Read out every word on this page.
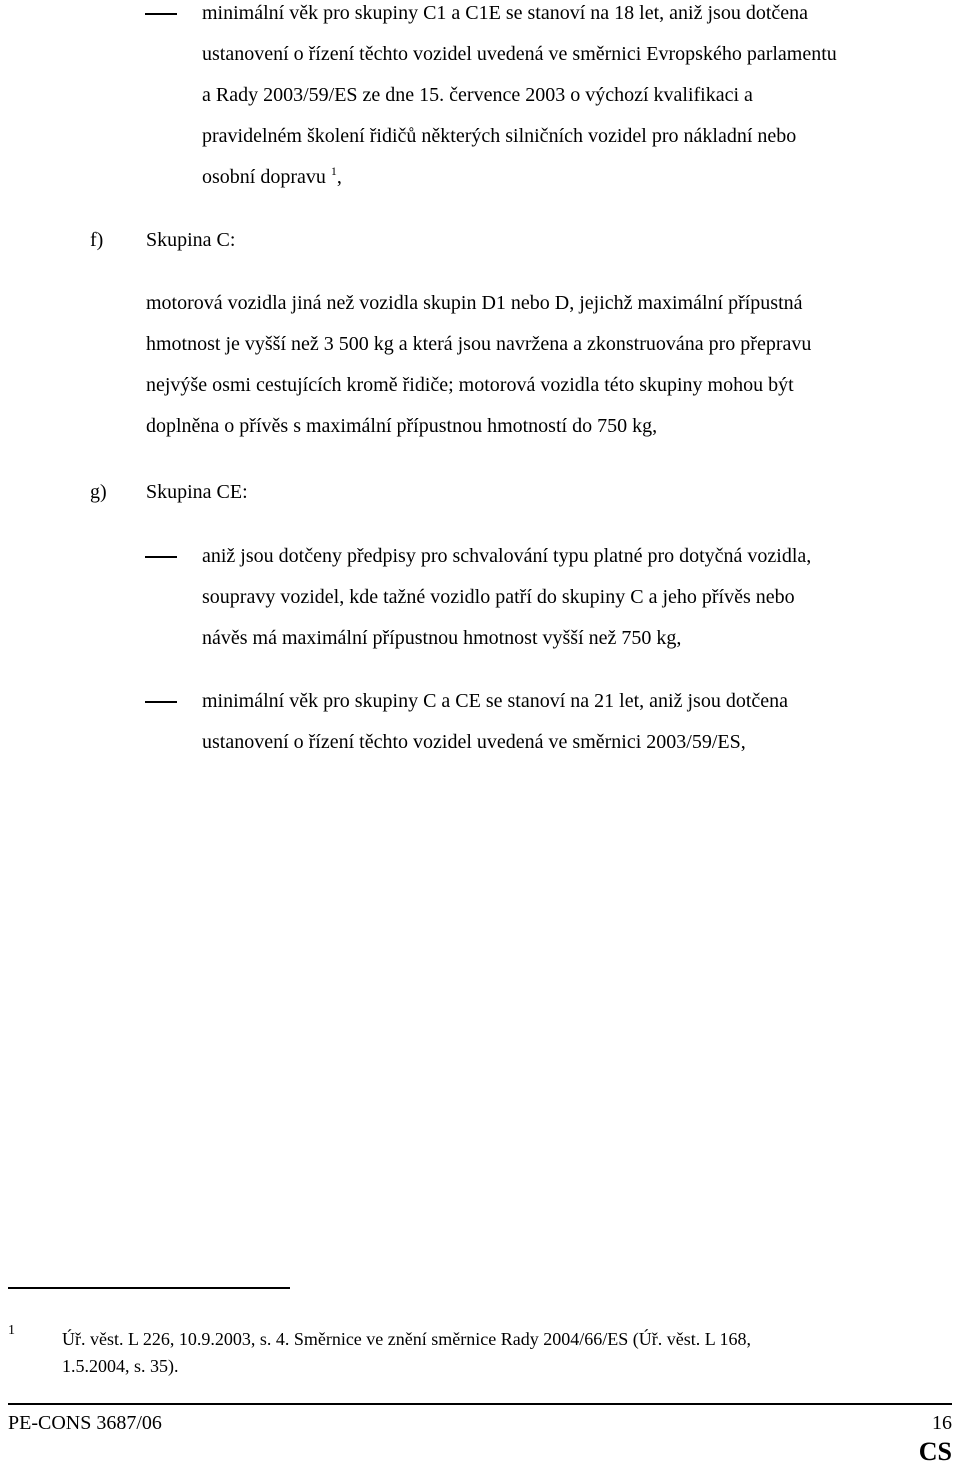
minimální věk pro skupiny C1 a C1E se stanoví na 18 let, aniž jsou dotčena
ustanovení o řízení těchto vozidel uvedená ve směrnici Evropského parlamentu
a Rady 2003/59/ES ze dne 15. července 2003 o výchozí kvalifikaci a
pravidelném školení řidičů některých silničních vozidel pro nákladní nebo
osobní dopravu $^1$,
f) Skupina C:
motorová vozidla jiná než vozidla skupin D1 nebo D, jejichž maximální přípustná
hmotnost je vyšší než 3 500 kg a která jsou navržena a zkonstruována pro přepravu
nejvýše osmi cestujících kromě řidiče; motorová vozidla této skupiny mohou být
doplněna o přívěs s maximální přípustnou hmotností do 750 kg,
g) Skupina CE:
aniž jsou dotčeny předpisy pro schvalování typu platné pro dotyčná vozidla,
soupravy vozidel, kde tažné vozidlo patří do skupiny C a jeho přívěs nebo
návěs má maximální přípustnou hmotnost vyšší než 750 kg,
minimální věk pro skupiny C a CE se stanoví na 21 let, aniž jsou dotčena
ustanovení o řízení těchto vozidel uvedená ve směrnici 2003/59/ES,
1	Úř. věst. L 226, 10.9.2003, s. 4. Směrnice ve znění směrnice Rady 2004/66/ES (Úř. věst. L 168,
1.5.2004, s. 35).
PE-CONS 3687/06	16
CS
